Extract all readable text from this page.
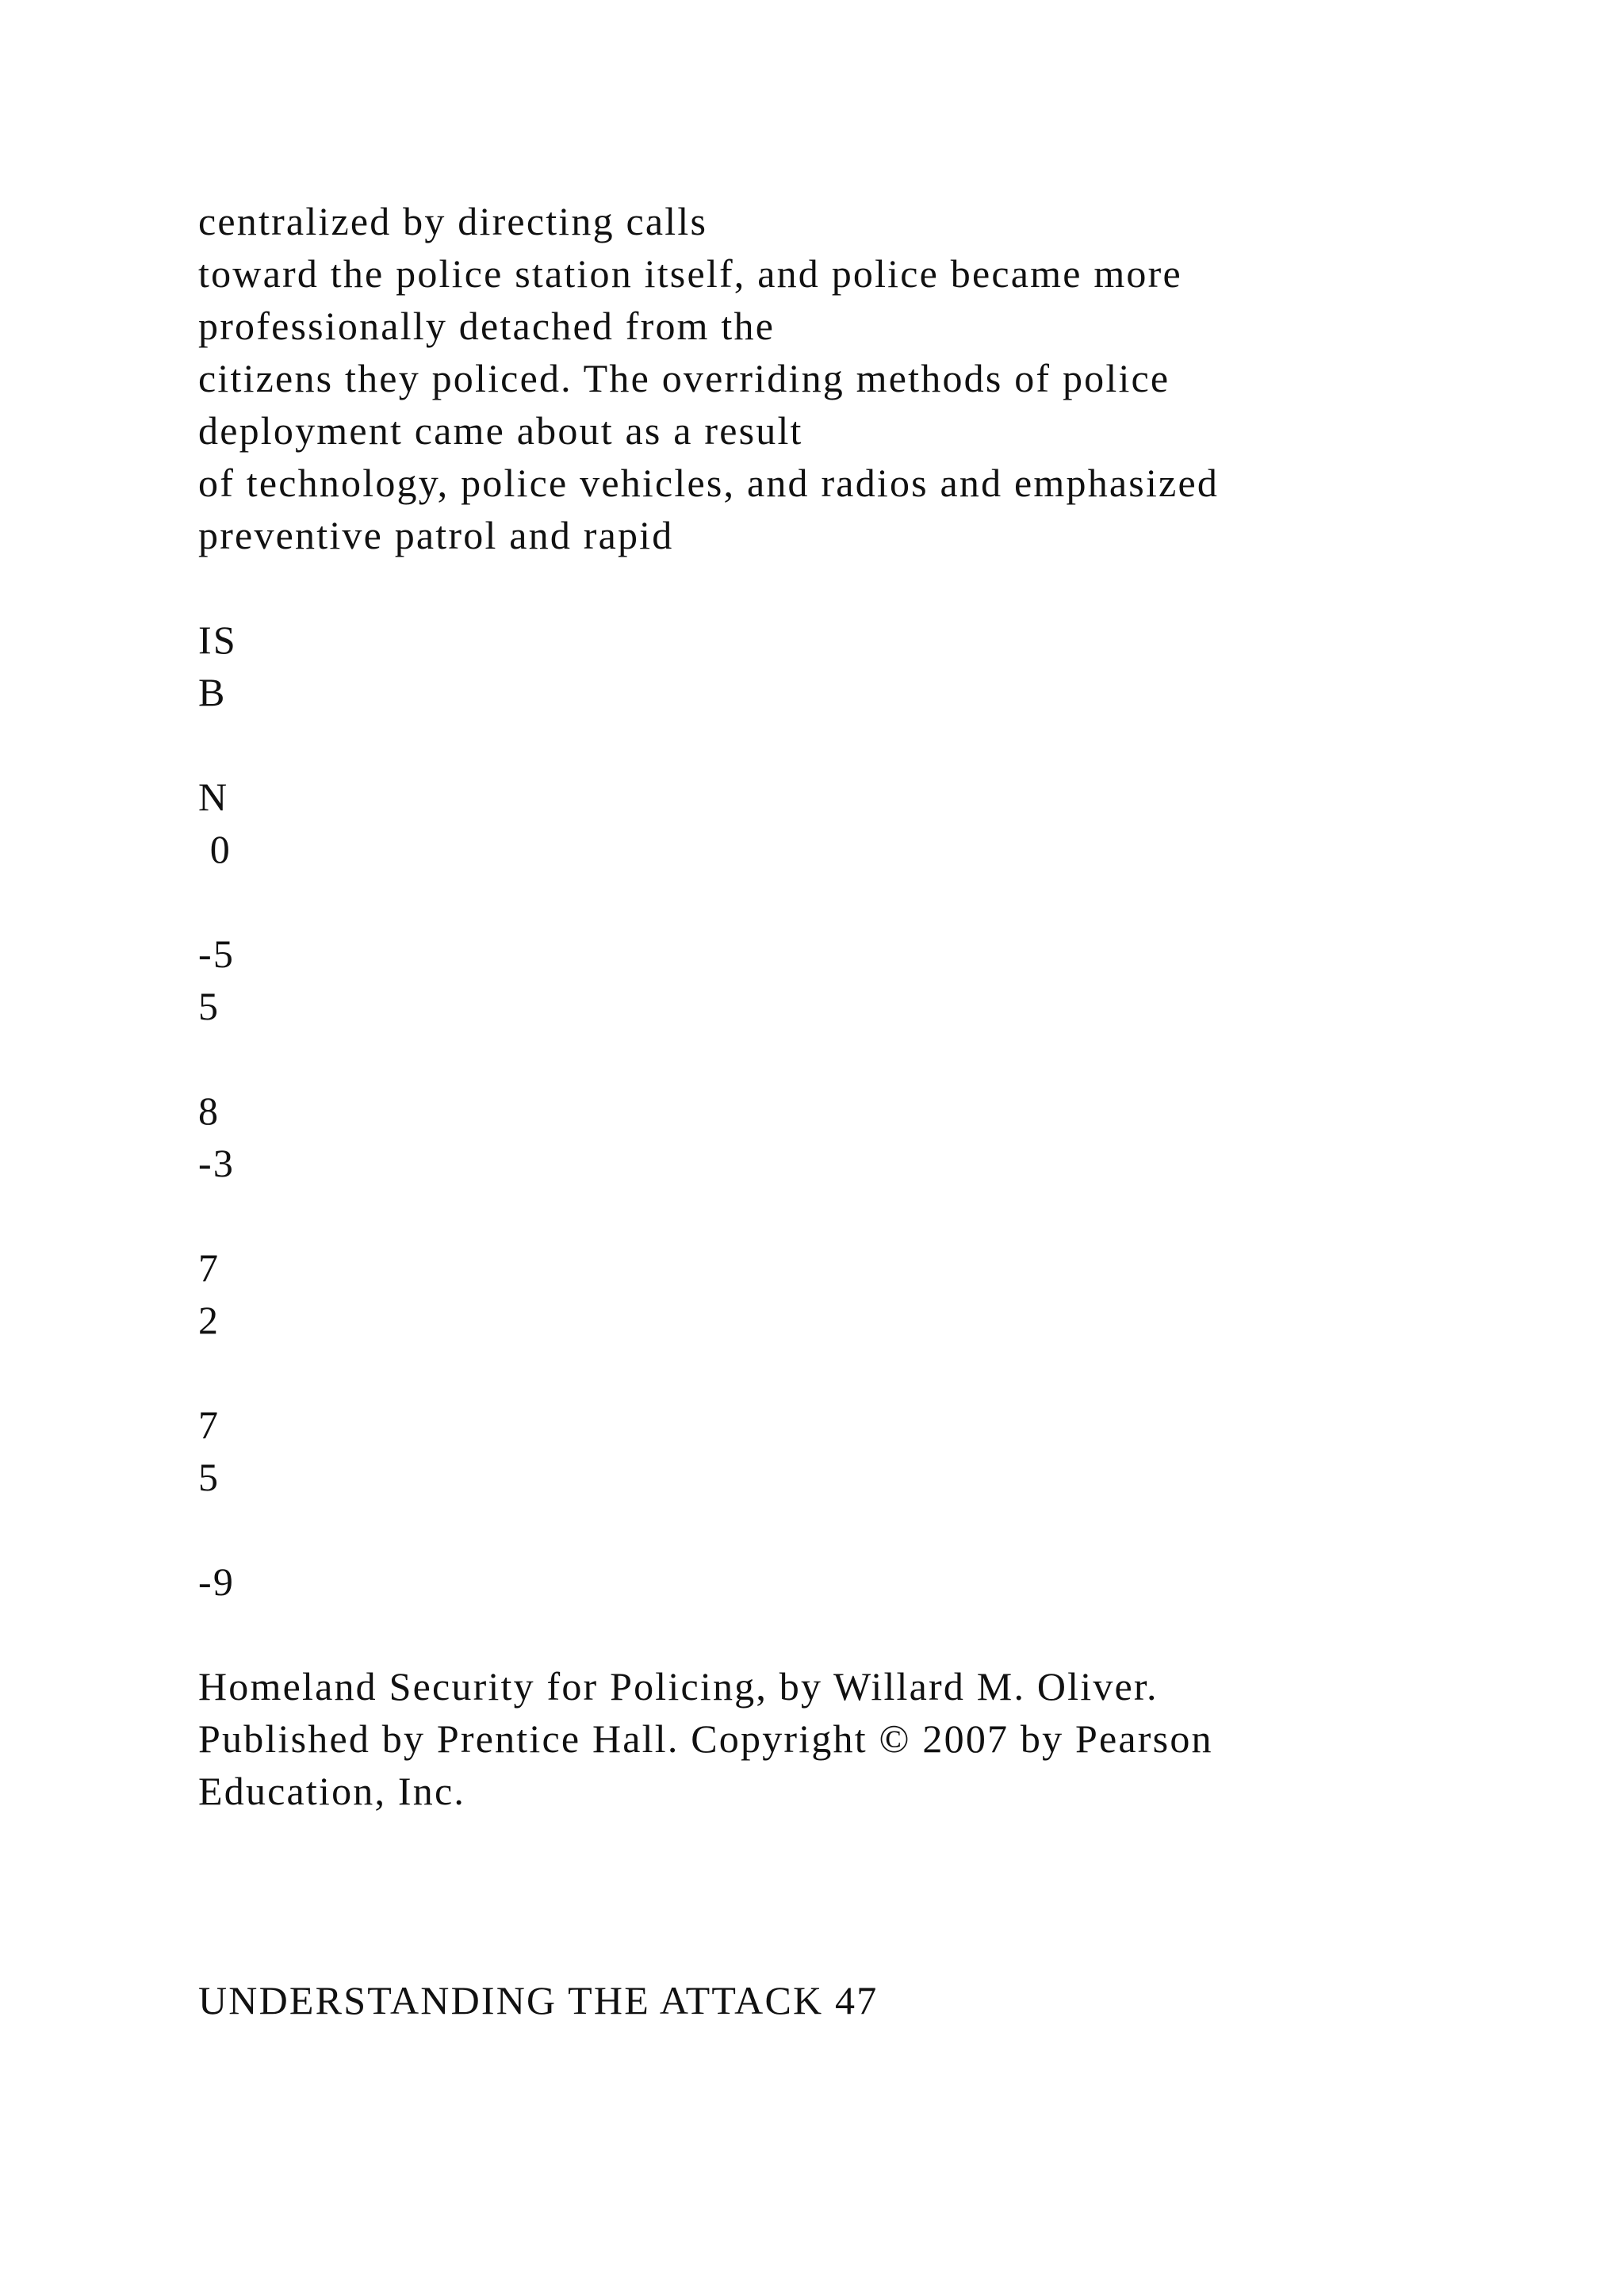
centralized by directing calls
toward the police station itself, and police became more
professionally detached from the
citizens they policed. The overriding methods of police
deployment came about as a result
of technology, police vehicles, and radios and emphasized
preventive patrol and rapid
IS
B
N
0
-5
5
8
-3
7
2
7
5
-9
Homeland Security for Policing, by Willard M. Oliver.
Published by Prentice Hall. Copyright © 2007 by Pearson
Education, Inc.
UNDERSTANDING THE ATTACK 47
